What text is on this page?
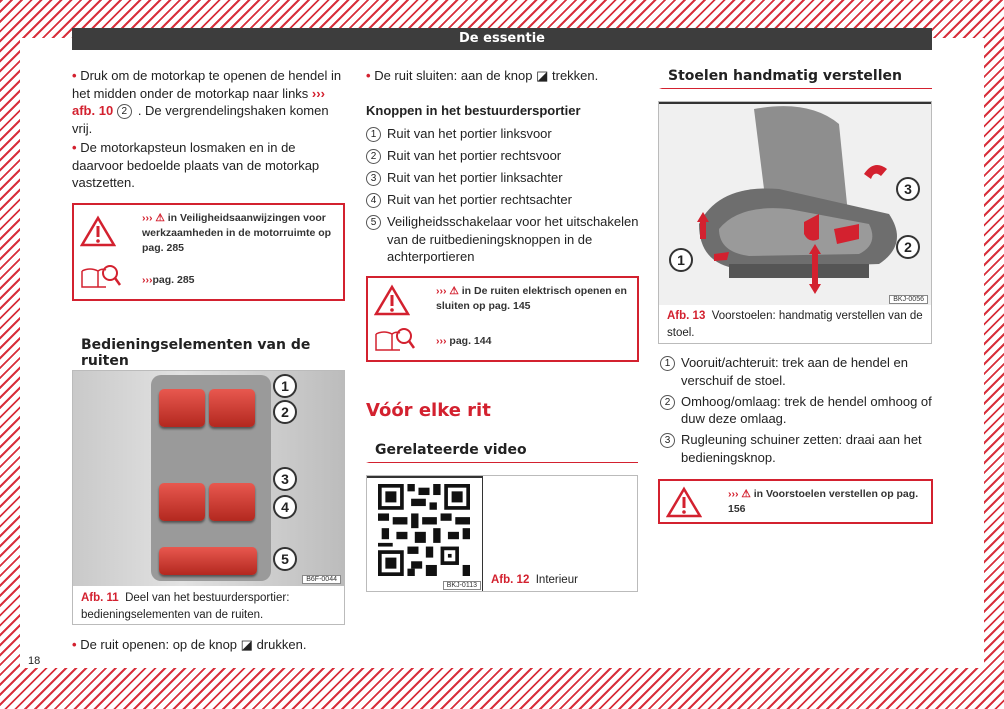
De essentie
• Druk om de motorkap te openen de hendel in het midden onder de motorkap naar links ››› afb. 10 2 . De vergrendelingshaken komen vrij.
• De motorkapsteun losmaken en in de daarvoor bedoelde plaats van de motorkap vastzetten.
››› ⚠ in Veiligheidsaanwijzingen voor werkzaamheden in de motorruimte op pag. 285
›››pag. 285
Bedieningselementen van de ruiten
1
2
3
4
5
B6F-0044
Afb. 11 Deel van het bestuurdersportier: bedieningselementen van de ruiten.
• De ruit openen: op de knop ◪ drukken.
• De ruit sluiten: aan de knop ◪ trekken.
Knoppen in het bestuurdersportier
1 Ruit van het portier linksvoor
2 Ruit van het portier rechtsvoor
3 Ruit van het portier linksachter
4 Ruit van het portier rechtsachter
5 Veiligheidsschakelaar voor het uitschakelen van de ruitbedieningsknoppen in de achterportieren
››› ⚠ in De ruiten elektrisch openen en sluiten op pag. 145
››› pag. 144
Vóór elke rit
Gerelateerde video
BKJ-0113	Afb. 12 Interieur
Stoelen handmatig verstellen
1
2
3
BKJ-0056
Afb. 13 Voorstoelen: handmatig verstellen van de stoel.
1 Vooruit/achteruit: trek aan de hendel en verschuif de stoel.
2 Omhoog/omlaag: trek de hendel omhoog of duw deze omlaag.
3 Rugleuning schuiner zetten: draai aan het bedieningsknop.
››› ⚠ in Voorstoelen verstellen op pag. 156
18
